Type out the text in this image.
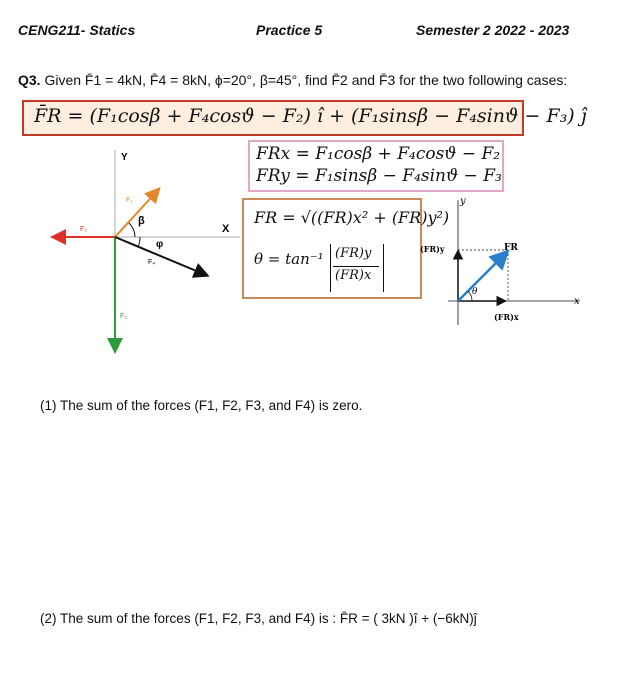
CENG211- Statics	Practice 5	Semester 2 2022 - 2023
Q3. Given F̄1 = 4kN, F̄4 = 8kN, ϕ=20°, β=45°, find F̄2 and F̄3 for the two following cases:
F̄R = (F₁cosβ + F₄cosϑ − F₂) î + (F₁sinsβ − F₄sinϑ − F₃) ĵ
FRx = F₁cosβ + F₄cosϑ − F₂
FRy = F₁sinsβ − F₄sinϑ − F₃
FR = √((FR)x² + (FR)y²)
θ = tan⁻¹ (FR)y
(FR)x
Y
X
F₁
F₂
F₃
F₄
β
φ
y
x
FR
(FR)y
(FR)x
θ
(1) The sum of the forces (F1, F2, F3, and F4) is zero.
(2) The sum of the forces (F1, F2, F3, and F4) is : F̄R = ( 3kN )î + (−6kN)ĵ
